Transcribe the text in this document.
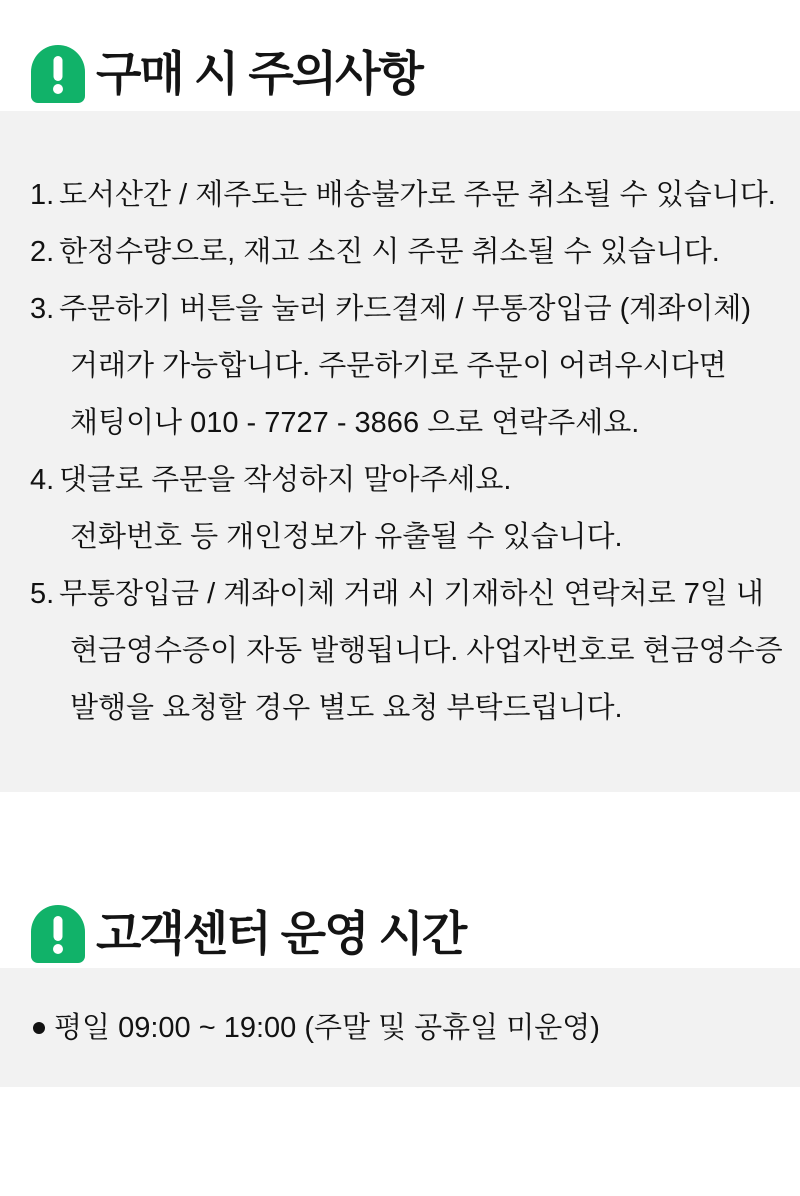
구매 시 주의사항
1. 도서산간 / 제주도는 배송불가로 주문 취소될 수 있습니다.

2. 한정수량으로, 재고 소진 시 주문 취소될 수 있습니다.

3. 주문하기 버튼을 눌러 카드결제 / 무통장입금 (계좌이체)

거래가 가능합니다. 주문하기로 주문이 어려우시다면

채팅이나 010 - 7727 - 3866 으로 연락주세요.

4. 댓글로 주문을 작성하지 말아주세요.

전화번호 등 개인정보가 유출될 수 있습니다.

5. 무통장입금 / 계좌이체 거래 시 기재하신 연락처로 7일 내

현금영수증이 자동 발행됩니다. 사업자번호로 현금영수증

발행을 요청할 경우 별도 요청 부탁드립니다.

고객센터 운영 시간
평일 09:00 ~ 19:00 (주말 및 공휴일 미운영)
